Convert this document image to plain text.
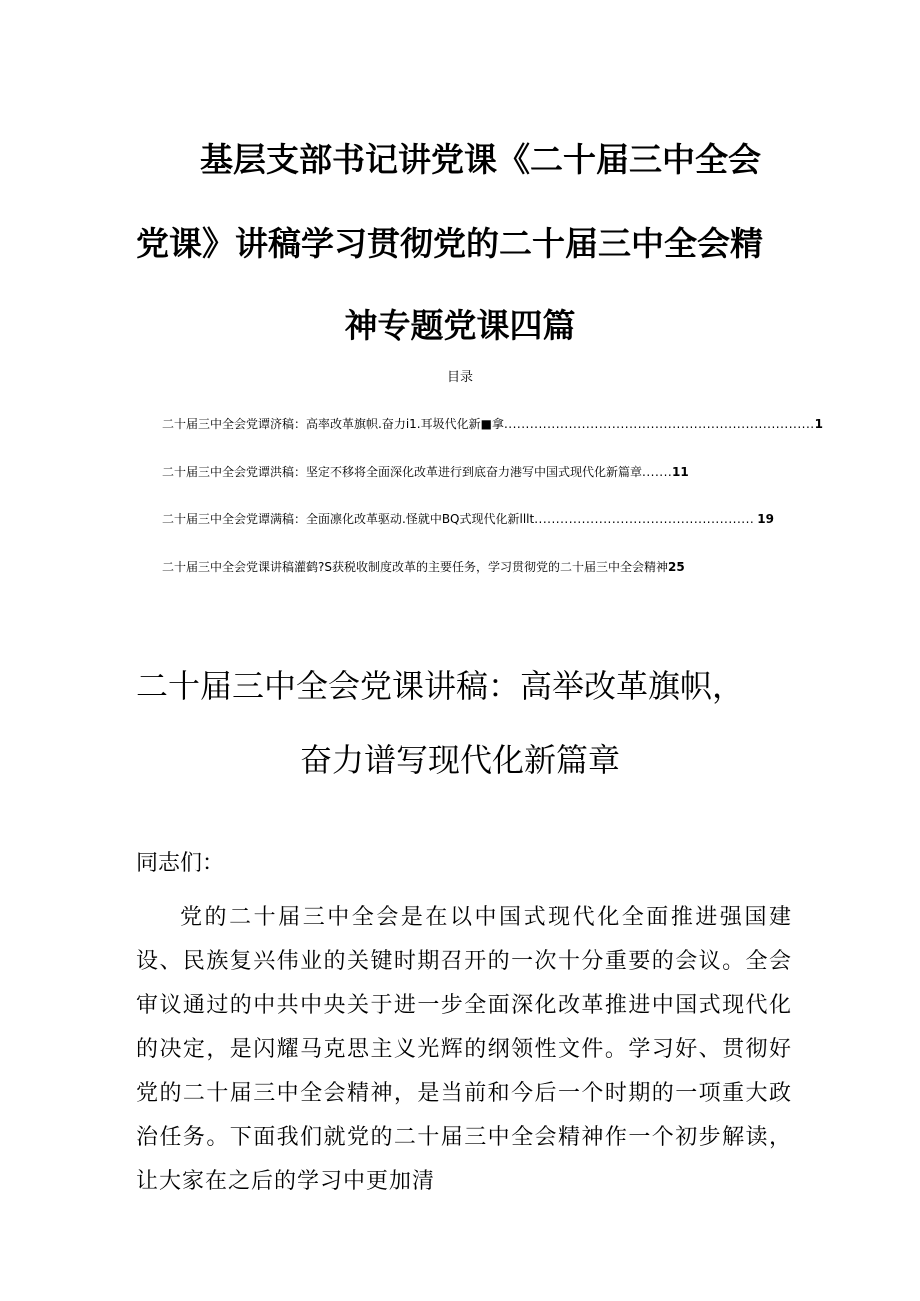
基层支部书记讲党课《二十届三中全会
党课》讲稿学习贯彻党的二十届三中全会精
神专题党课四篇
目录
二十届三中全会党谭济稿：高率改革旗帜.奋力i1.耳圾代化新■拿 ........................................................................ 1
二十届三中全会党谭洪稿：坚定不移将全面深化改革进行到底奋力港写中国式现代化新篇章 ........
11
二十届三中全会党谭满稿：全面凛化改革驱动.怪就中BQ式现代化新lllt ................................................... 19
二十届三中全会党课讲稿灌鹤?S获税收制度改革的主要任务，学习贯彻党的二十届三中全会精神 25
二十届三中全会党课讲稿：高举改革旗帜，
奋力谱写现代化新篇章

同志们：

党的二十届三中全会是在以中国式现代化全面推进强国建设、民族复兴伟业的关键时期召开的一次十分重要的会议。全会审议通过的中共中央关于进一步全面深化改革推进中国式现代化的决定，是闪耀马克思主义光辉的纲领性文件。学习好、贯彻好党的二十届三中全会精神，是当前和今后一个时期的一项重大政治任务。下面我们就党的二十届三中全会精神作一个初步解读，让大家在之后的学习中更加清
